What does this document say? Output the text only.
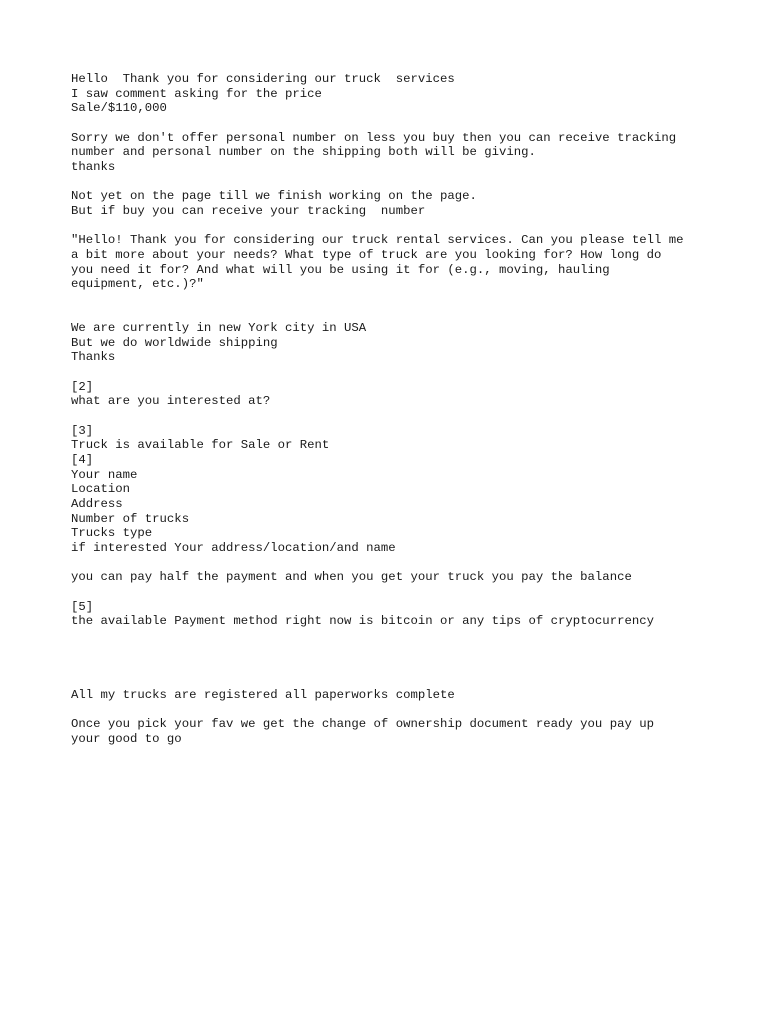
Hello  Thank you for considering our truck  services
I saw comment asking for the price
Sale/$110,000
Sorry we don't offer personal number on less you buy then you can receive tracking
number and personal number on the shipping both will be giving.
thanks
Not yet on the page till we finish working on the page.
But if buy you can receive your tracking  number
"Hello! Thank you for considering our truck rental services. Can you please tell me
a bit more about your needs? What type of truck are you looking for? How long do
you need it for? And what will you be using it for (e.g., moving, hauling
equipment, etc.)?"
We are currently in new York city in USA
But we do worldwide shipping
Thanks
[2]
what are you interested at?
[3]
Truck is available for Sale or Rent
[4]
Your name
Location
Address
Number of trucks
Trucks type
if interested Your address/location/and name
you can pay half the payment and when you get your truck you pay the balance
[5]
the available Payment method right now is bitcoin or any tips of cryptocurrency
All my trucks are registered all paperworks complete
Once you pick your fav we get the change of ownership document ready you pay up
your good to go
